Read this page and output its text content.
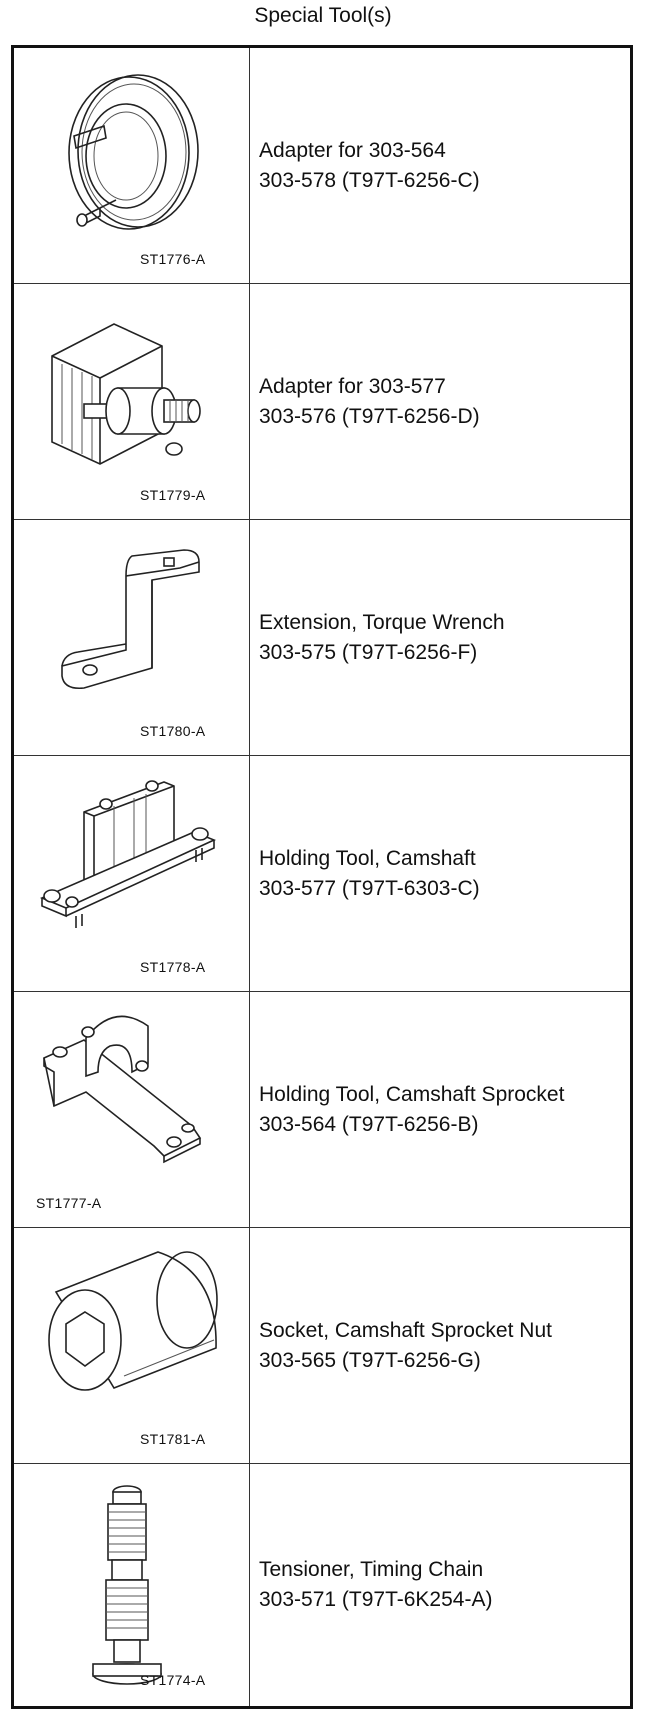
Special Tool(s)
ST1776-A
Adapter for 303-564
303-578 (T97T-6256-C)
ST1779-A
Adapter for 303-577
303-576 (T97T-6256-D)
ST1780-A
Extension, Torque Wrench
303-575 (T97T-6256-F)
ST1778-A
Holding Tool, Camshaft
303-577 (T97T-6303-C)
ST1777-A
Holding Tool, Camshaft Sprocket
303-564 (T97T-6256-B)
ST1781-A
Socket, Camshaft Sprocket Nut
303-565 (T97T-6256-G)
ST1774-A
Tensioner, Timing Chain
303-571 (T97T-6K254-A)
